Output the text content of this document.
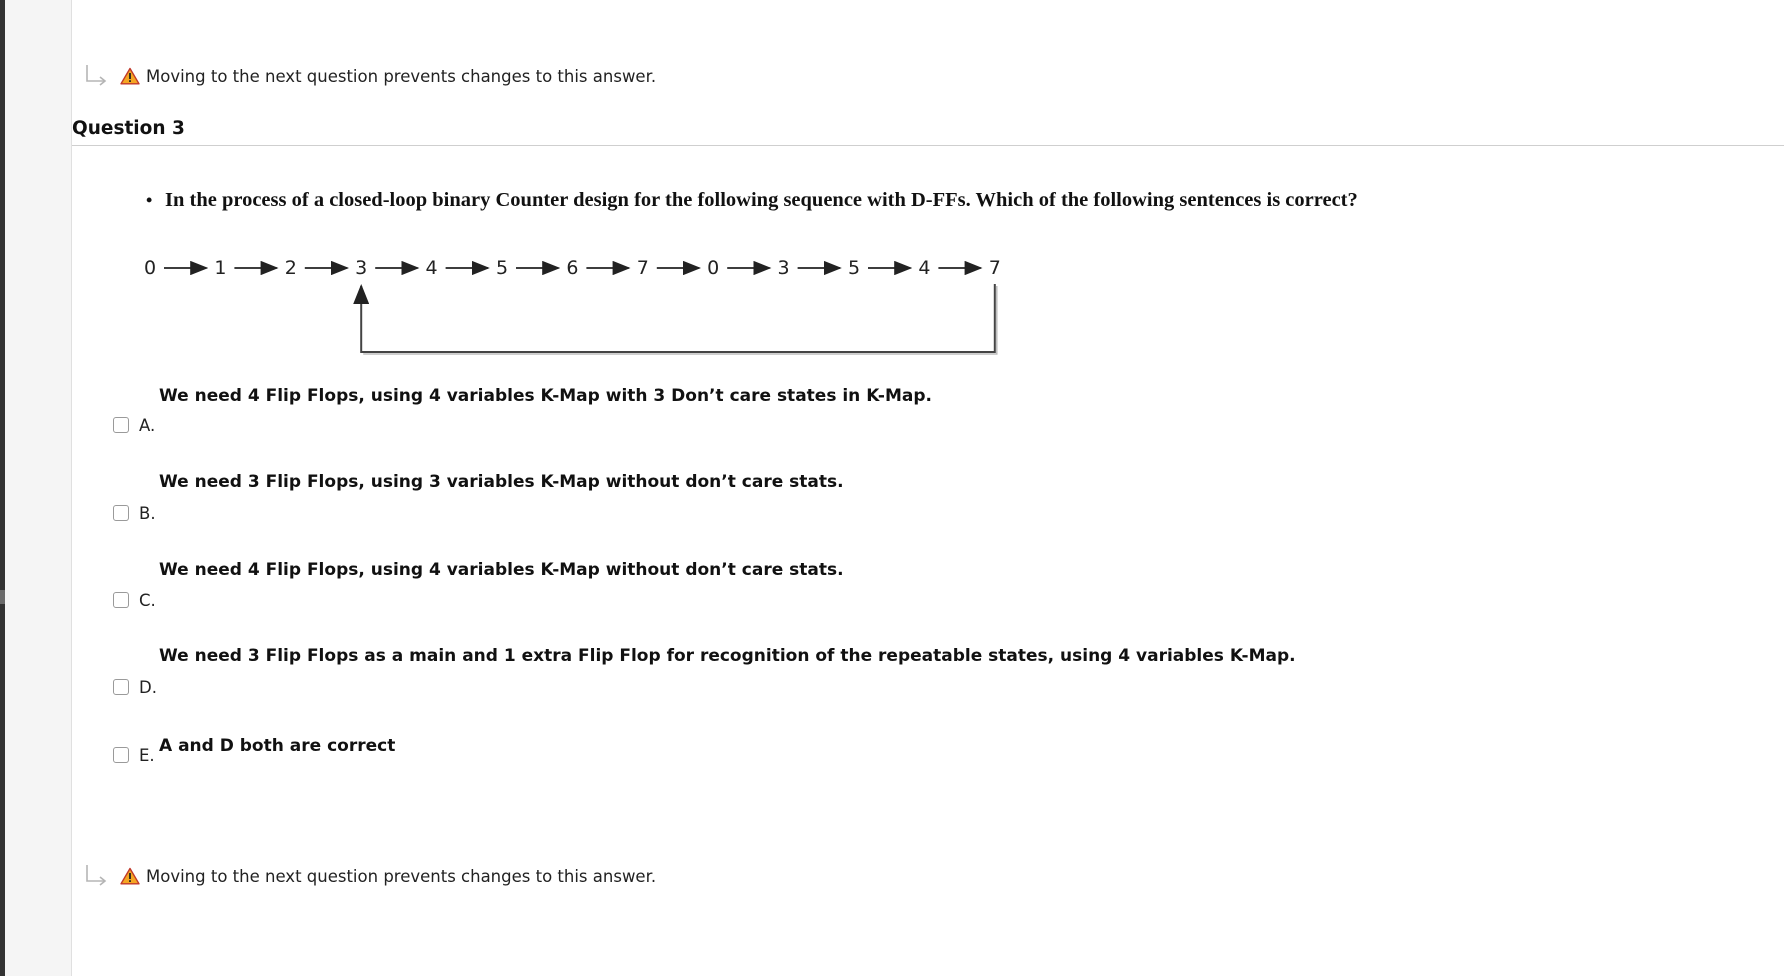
Moving to the next question prevents changes to this answer.
Question 3
• In the process of a closed-loop binary Counter design for the following sequence with D-FFs. Which of the following sentences is correct?
0	1	2	3	4	5	6	7	0	3	5	4	7
We need 4 Flip Flops, using 4 variables K-Map with 3 Don’t care states in K-Map.
A.
We need 3 Flip Flops, using 3 variables K-Map without don’t care stats.
B.
We need 4 Flip Flops, using 4 variables K-Map without don’t care stats.
C.
We need 3 Flip Flops as a main and 1 extra Flip Flop for recognition of the repeatable states, using 4 variables K-Map.
D.
A and D both are correct
E.
Moving to the next question prevents changes to this answer.
